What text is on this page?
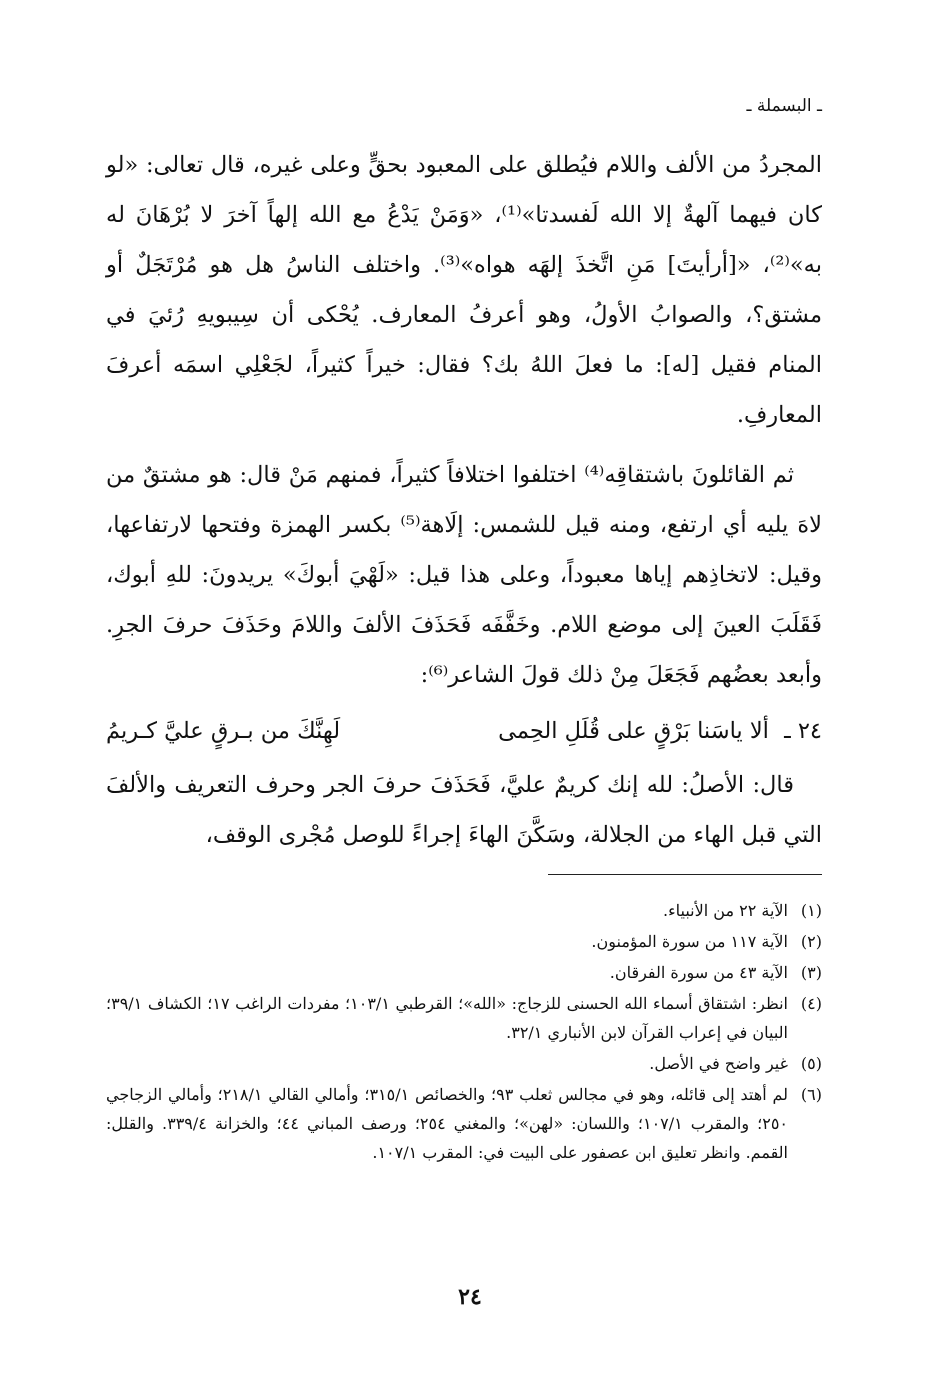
ـ البسملة ـ

المجردُ من الألف واللام فيُطلق على المعبود بحقٍّ وعلى غيره، قال تعالى: «لو كان فيهما آلهةٌ إلا الله لَفسدتا»⁽¹⁾، «وَمَنْ يَدْعُ مع الله إلهاً آخرَ لا بُرْهَانَ له به»⁽²⁾، «[أرأيتَ] مَنِ اتَّخذَ إلهَه هواه»⁽³⁾. واختلف الناسُ هل هو مُرْتَجَلٌ أو مشتق؟، والصوابُ الأولُ، وهو أعرفُ المعارف. يُحْكى أن سِيبويهِ رُئيَ في المنام فقيل [له]: ما فعلَ اللهُ بك؟ فقال: خيراً كثيراً، لجَعْلِي اسمَه أعرفَ المعارفِ.

ثم القائلونَ باشتقاقِه⁽⁴⁾ اختلفوا اختلافاً كثيراً، فمنهم مَنْ قال: هو مشتقٌ من لاهَ يليه أي ارتفع، ومنه قيل للشمس: إلَاهة⁽⁵⁾ بكسر الهمزة وفتحها لارتفاعها، وقيل: لاتخاذِهم إياها معبوداً، وعلى هذا قيل: «لَهْيَ أبوكَ» يريدونَ: للهِ أبوك، فَقَلَبَ العينَ إلى موضع اللام. وخَفَّفَه فَحَذَفَ الألفَ واللامَ وحَذَفَ حرفَ الجرِ. وأبعد بعضُهم فَجَعَلَ مِنْ ذلك قولَ الشاعر⁽⁶⁾:

٢٤ ـ ألا ياسَنا بَرْقٍ على قُلَلِ الحِمى
لَهِنَّكَ من بـرقٍ عليَّ كـريمُ

قال: الأصلُ: لله إنك كريمٌ عليَّ، فَحَذَفَ حرفَ الجر وحرف التعريف والألفَ التي قبل الهاء من الجلالة، وسَكَّنَ الهاءَ إجراءً للوصل مُجْرى الوقف،

(١)
الآية ٢٢ من الأنبياء.
(٢)
الآية ١١٧ من سورة المؤمنون.
(٣)
الآية ٤٣ من سورة الفرقان.
(٤)
انظر: اشتقاق أسماء الله الحسنى للزجاج: «الله»؛ القرطبي ١٠٣/١؛ مفردات الراغب ١٧؛ الكشاف ٣٩/١؛ البيان في إعراب القرآن لابن الأنباري ٣٢/١.
(٥)
غير واضح في الأصل.
(٦)
لم أهتد إلى قائله، وهو في مجالس ثعلب ٩٣؛ والخصائص ٣١٥/١؛ وأمالي القالي ٢١٨/١؛ وأمالي الزجاجي ٢٥٠؛ والمقرب ١٠٧/١؛ واللسان: «لهن»؛ والمغني ٢٥٤؛ ورصف المباني ٤٤؛ والخزانة ٣٣٩/٤. والقلل: القمم. وانظر تعليق ابن عصفور على البيت في: المقرب ١٠٧/١.
٢٤
